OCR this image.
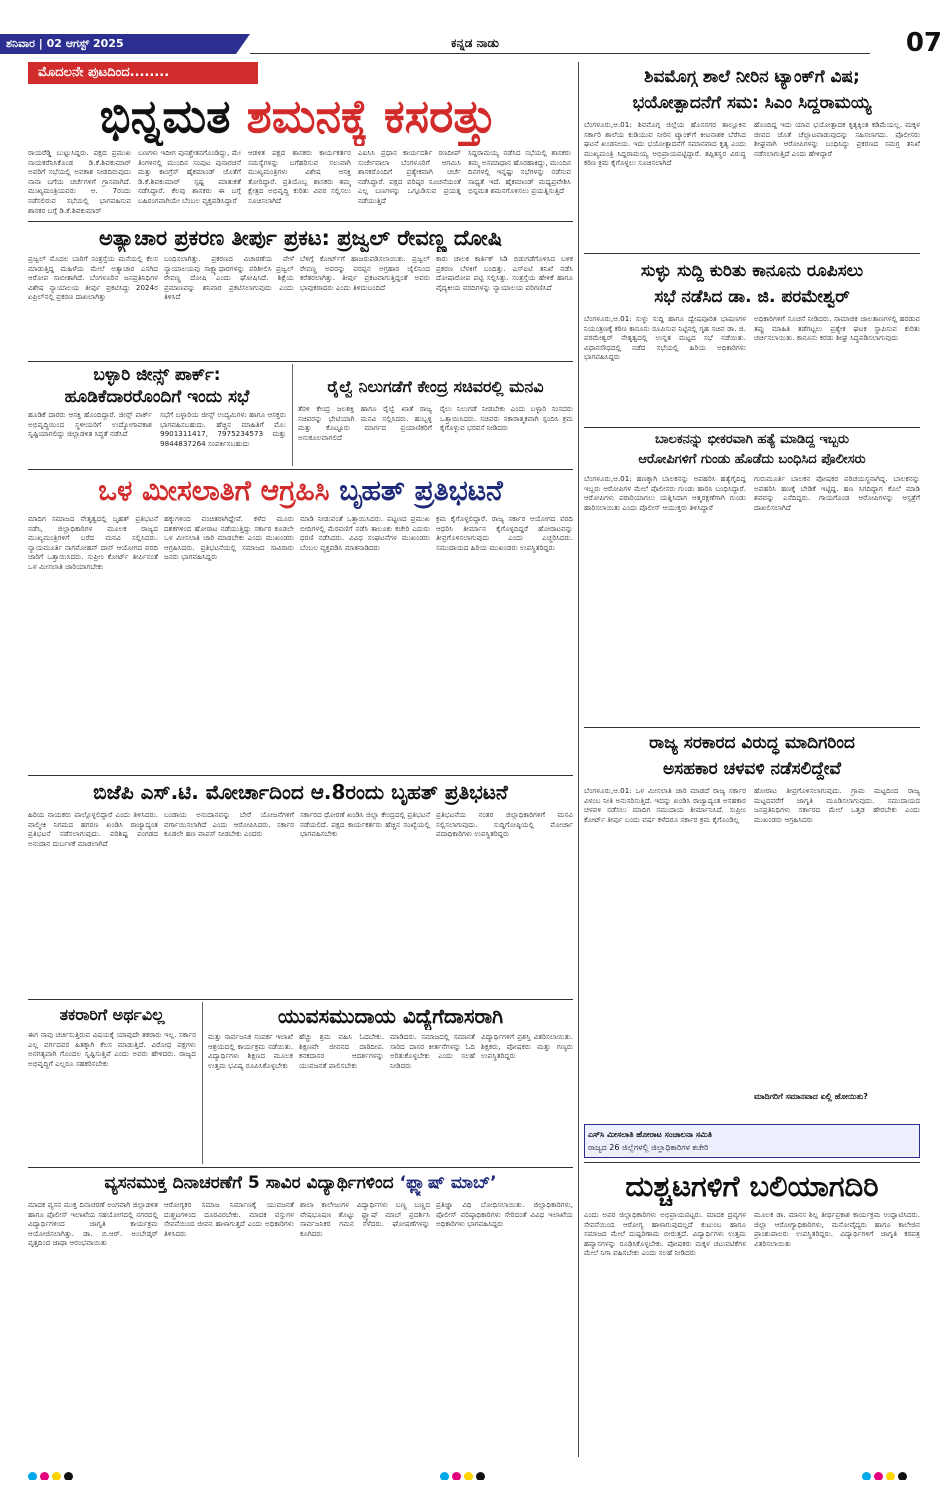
ಶನಿವಾರ | 02 ಆಗಸ್ಟ್ 2025	ಕನ್ನಡ ನಾಡು	07
ಮೊದಲನೇ ಪುಟದಿಂದ........
ಭಿನ್ನಮತ ಶಮನಕ್ಕೆ ಕಸರತ್ತು
ರಾಯರೆಡ್ಡಿ ಬುಟ್ಟುಸಿದ್ದರು. ಪಕ್ಷದ ಪ್ರಮುಖ ನಾಯಕರೆನಿಸಿಕೊಂಡ ಡಿ.ಕೆ.ಶಿವಕುಮಾರ್ ಅವರಿಗೆ ಸಭೆಯಲ್ಲಿ ಅವಕಾಶ ನೀಡದಿರುವುದು ನಾನಾ ಬಗೆಯ ಚರ್ಚೆಗಳಿಗೆ ಗ್ರಾಸವಾಗಿದೆ. ಮುಖ್ಯಮಂತ್ರಿಯವರು ಆ. 7ರಂದು ನಡೆಸಲಿರುವ ಸಭೆಯಲ್ಲಿ ಭಾಗವಹಿಸುವ ಶಾಸಕರ ಬಗ್ಗೆ ಡಿ.ಕೆ.ಶಿವಕುಮಾರ್
ಬಣಗಳು ಇದೀಗ ಪುನಶ್ಚೇತನಗೊಂಡಿದ್ದು, ಮೇ ತಿಂಗಳಿನಲ್ಲಿ ಮುಂದಿನ ಸಂಪುಟ ಪುನಾರಚನೆ ಮತ್ತು ಕಾಂಗ್ರೆಸ್ ಹೈಕಮಾಂಡ್ ಜೊತೆಗೆ ಡಿ.ಕೆ.ಶಿವಕುಮಾರ್ ಸ್ಪಷ್ಟ ಮಾತುಕತೆ ನಡೆಸಿದ್ದಾರೆ. ಕೆಲವು ಶಾಸಕರು ಈ ಬಗ್ಗೆ ಬಹಿರಂಗವಾಗಿಯೇ ಬೆಂಬಲ ವ್ಯಕ್ತಪಡಿಸಿದ್ದಾರೆ
ಆಡಳಿತ ಪಕ್ಷದ ಶಾಸಕರು ಕಾರ್ಯಕರ್ತರ ಸಮಸ್ಯೆಗಳನ್ನು ಬಗೆಹರಿಸುವ ಸಲುವಾಗಿ ಮುಖ್ಯಮಂತ್ರಿಗಳು ವಿಶೇಷ ಆಸಕ್ತಿ ತೋರಿದ್ದಾರೆ. ಪ್ರತಿಯೊಬ್ಬ ಶಾಸಕರು ತಮ್ಮ ಕ್ಷೇತ್ರದ ಅಭಿವೃದ್ಧಿ ಕುರಿತು ವಿವರ ಸಲ್ಲಿಸಲು ಸೂಚಿಸಲಾಗಿದೆ
ಎಐಸಿಸಿ ಪ್ರಧಾನ ಕಾರ್ಯದರ್ಶಿ ರಣದೀಪ್ ಸುರ್ಜೇವಾಲಾ ಬೆಂಗಳೂರಿಗೆ ಆಗಮಿಸಿ ಶಾಸಕರೊಂದಿಗೆ ಪ್ರತ್ಯೇಕವಾಗಿ ಚರ್ಚೆ ನಡೆಸಿದ್ದಾರೆ. ಪಕ್ಷದ ವರಿಷ್ಠರ ಸೂಚನೆಯಂತೆ ಎಲ್ಲ ಬಣಗಳನ್ನು ಒಗ್ಗೂಡಿಸುವ ಪ್ರಯತ್ನ ನಡೆಯುತ್ತಿದೆ
ಸಿದ್ದರಾಮಯ್ಯ ನಡೆಸಿದ ಸಭೆಯಲ್ಲಿ ಶಾಸಕರು ತಮ್ಮ ಅಸಮಾಧಾನ ಹೊರಹಾಕಿದ್ದು, ಮುಂದಿನ ದಿನಗಳಲ್ಲಿ ಇನ್ನಷ್ಟು ಸಭೆಗಳನ್ನು ನಡೆಸುವ ಸಾಧ್ಯತೆ ಇದೆ. ಹೈಕಮಾಂಡ್ ಮಧ್ಯಪ್ರವೇಶಿಸಿ ಭಿನ್ನಮತ ಶಮನಗೊಳಿಸಲು ಪ್ರಯತ್ನಿಸುತ್ತಿದೆ
ಅತ್ಯಾಚಾರ ಪ್ರಕರಣ ತೀರ್ಪು ಪ್ರಕಟ: ಪ್ರಜ್ವಲ್ ರೇವಣ್ಣ ದೋಷಿ
ಪ್ರಜ್ವಲ್ ಮೊದಲ ಬಾರಿಗೆ ಸಂತ್ರಸ್ತೆಯ ಮನೆಯಲ್ಲಿ ಕೆಲಸ ಮಾಡುತ್ತಿದ್ದ ಮಹಿಳೆಯ ಮೇಲೆ ಅತ್ಯಾಚಾರ ಎಸಗಿದ ಆರೋಪ ಸಾಬೀತಾಗಿದೆ. ಬೆಂಗಳೂರಿನ ಜನಪ್ರತಿನಿಧಿಗಳ ವಿಶೇಷ ನ್ಯಾಯಾಲಯ ತೀರ್ಪು ಪ್ರಕಟಿಸಿದ್ದು 2024ರ ಏಪ್ರಿಲ್‌ನಲ್ಲಿ ಪ್ರಕರಣ ದಾಖಲಾಗಿತ್ತು
ಬಂಧಿಸಲಾಗಿತ್ತು. ಪ್ರಕರಣದ ವಿಚಾರಣೆಯ ವೇಳೆ ನ್ಯಾಯಾಲಯವು ಸಾಕ್ಷ್ಯಾಧಾರಗಳನ್ನು ಪರಿಶೀಲಿಸಿ ಪ್ರಜ್ವಲ್ ರೇವಣ್ಣ ದೋಷಿ ಎಂದು ಘೋಷಿಸಿದೆ. ಶಿಕ್ಷೆಯ ಪ್ರಮಾಣವನ್ನು ಶನಿವಾರ ಪ್ರಕಟಿಸಲಾಗುವುದು ಎಂದು ತಿಳಿಸಿದೆ
ಬೆಳಿಗ್ಗೆ ಕೋರ್ಟ್‌ಗೆ ಹಾಜರುಪಡಿಸಲಾಯಿತು. ಪ್ರಜ್ವಲ್ ರೇವಣ್ಣ ಅವರನ್ನು ಪರಪ್ಪನ ಅಗ್ರಹಾರ ಜೈಲಿನಿಂದ ಕರೆತರಲಾಗಿತ್ತು. ತೀರ್ಪು ಪ್ರಕಟವಾಗುತ್ತಿದ್ದಂತೆ ಅವರು ಭಾವುಕರಾದರು ಎಂದು ತಿಳಿದುಬಂದಿದೆ
ಕಾರು ಚಾಲಕ ಕಾರ್ತಿಕ್ ಸಿಡಿ ಬಿಡುಗಡೆಗೊಳಿಸಿದ ಬಳಿಕ ಪ್ರಕರಣ ಬೆಳಕಿಗೆ ಬಂದಿತ್ತು. ಎಸ್‌ಐಟಿ ತನಿಖೆ ನಡೆಸಿ ದೋಷಾರೋಪ ಪಟ್ಟಿ ಸಲ್ಲಿಸಿತ್ತು. ಸಂತ್ರಸ್ತೆಯ ಹೇಳಿಕೆ ಹಾಗೂ ವೈದ್ಯಕೀಯ ವರದಿಗಳನ್ನು ನ್ಯಾಯಾಲಯ ಪರಿಗಣಿಸಿದೆ
ಬಳ್ಳಾರಿ ಜೀನ್ಸ್ ಪಾರ್ಕ್:
ಹೂಡಿಕೆದಾರರೊಂದಿಗೆ ಇಂದು ಸಭೆ
ಹೂಡಿಕೆ ದಾರರು ಆಸಕ್ತಿ ಹೊಂದಿದ್ದಾರೆ. ಜೀನ್ಸ್ ಪಾರ್ಕ್ ಅಭಿವೃದ್ಧಿಯಿಂದ ಸ್ಥಳೀಯರಿಗೆ ಉದ್ಯೋಗಾವಕಾಶ ಸೃಷ್ಟಿಯಾಗಲಿದ್ದು ಜಿಲ್ಲಾಡಳಿತ ಸಿದ್ಧತೆ ನಡೆಸಿದೆ
ಸಭೆಗೆ ಬಳ್ಳಾರಿಯ ಜೀನ್ಸ್ ಉದ್ಯಮಿಗಳು ಹಾಗೂ ಆಸಕ್ತರು ಭಾಗವಹಿಸಬಹುದು. ಹೆಚ್ಚಿನ ಮಾಹಿತಿಗೆ ಮೊ: 9901311417, 7975234573 ಮತ್ತು 9844837264 ಸಂಪರ್ಕಿಸಬಹುದು
ರೈಲ್ವೆ ನಿಲುಗಡೆಗೆ ಕೇಂದ್ರ ಸಚಿವರಲ್ಲಿ ಮನವಿ
ತೆರಳಿ ಕೇಂದ್ರ ಜಲಶಕ್ತಿ ಹಾಗೂ ರೈಲ್ವೆ ಖಾತೆ ರಾಜ್ಯ ಸಚಿವರನ್ನು ಭೇಟಿಯಾಗಿ ಮನವಿ ಸಲ್ಲಿಸಿದರು. ಹುಬ್ಬಳ್ಳಿ ಮತ್ತು ಕೊಟ್ಟೂರು ಮಾರ್ಗದ ಪ್ರಯಾಣಿಕರಿಗೆ ಅನುಕೂಲವಾಗಲಿದೆ
ರೈಲು ನಿಲುಗಡೆ ನೀಡಬೇಕು ಎಂದು ಬಳ್ಳಾರಿ ಸಂಸದರು ಒತ್ತಾಯಿಸಿದರು. ಸಚಿವರು ಸಕಾರಾತ್ಮಕವಾಗಿ ಸ್ಪಂದಿಸಿ ಕ್ರಮ ಕೈಗೊಳ್ಳುವ ಭರವಸೆ ನೀಡಿದರು
ಒಳ ಮೀಸಲಾತಿಗೆ ಆಗ್ರಹಿಸಿ ಬೃಹತ್ ಪ್ರತಿಭಟನೆ
ಮಾದಿಗ ಸಮಾಜದ ನೇತೃತ್ವದಲ್ಲಿ ಬೃಹತ್ ಪ್ರತಿಭಟನೆ ನಡೆಸಿ, ಜಿಲ್ಲಾಧಿಕಾರಿಗಳ ಮೂಲಕ ರಾಜ್ಯದ ಮುಖ್ಯಮಂತ್ರಿಗಳಿಗೆ ಬರೆದ ಮನವಿ ಸಲ್ಲಿಸಿದರು. ನ್ಯಾಯಮೂರ್ತಿ ನಾಗಮೋಹನ್ ದಾಸ್ ಆಯೋಗದ ವರದಿ ಜಾರಿಗೆ ಒತ್ತಾಯಿಸಿದರು. ಸುಪ್ರೀಂ ಕೋರ್ಟ್ ತೀರ್ಪಿನಂತೆ ಒಳ ಮೀಸಲಾತಿ ಜಾರಿಯಾಗಬೇಕು
ಹಕ್ಕುಗಳಿಂದ ವಂಚಿತರಾಗಿದ್ದೇವೆ. ಕಳೆದ ಮೂರು ದಶಕಗಳಿಂದ ಹೋರಾಟ ನಡೆಯುತ್ತಿದ್ದು ಸರ್ಕಾರ ಕೂಡಲೇ ಒಳ ಮೀಸಲಾತಿ ಜಾರಿ ಮಾಡಬೇಕು ಎಂದು ಮುಖಂಡರು ಆಗ್ರಹಿಸಿದರು. ಪ್ರತಿಭಟನೆಯಲ್ಲಿ ಸಮಾಜದ ಸಾವಿರಾರು ಜನರು ಭಾಗವಹಿಸಿದ್ದರು
ಮಾಡಿ ನೀಡುವಂತೆ ಒತ್ತಾಯಿಸಿದರು. ಪಟ್ಟಣದ ಪ್ರಮುಖ ಬೀದಿಗಳಲ್ಲಿ ಮೆರವಣಿಗೆ ನಡೆಸಿ ತಾಲೂಕು ಕಚೇರಿ ಎದುರು ಧರಣಿ ನಡೆಸಿದರು. ವಿವಿಧ ಸಂಘಟನೆಗಳ ಮುಖಂಡರು ಬೆಂಬಲ ವ್ಯಕ್ತಪಡಿಸಿ ಮಾತನಾಡಿದರು
ಕ್ರಮ ಕೈಗೊಳ್ಳಲಿದ್ದಾರೆ. ರಾಜ್ಯ ಸರ್ಕಾರ ಆಯೋಗದ ವರದಿ ಆಧರಿಸಿ ತೀರ್ಮಾನ ಕೈಗೊಳ್ಳದಿದ್ದರೆ ಹೋರಾಟವನ್ನು ತೀವ್ರಗೊಳಿಸಲಾಗುವುದು ಎಂದು ಎಚ್ಚರಿಸಿದರು. ಸಮುದಾಯದ ಹಿರಿಯ ಮುಖಂಡರು ಉಪಸ್ಥಿತರಿದ್ದರು
ಬಿಜೆಪಿ ಎಸ್.ಟಿ. ಮೋರ್ಚಾದಿಂದ ಆ.8ರಂದು ಬೃಹತ್ ಪ್ರತಿಭಟನೆ
ಹಿರಿಯ ನಾಯಕರು ಪಾಲ್ಗೊಳ್ಳಲಿದ್ದಾರೆ ಎಂದು ತಿಳಿಸಿದರು. ವಾಲ್ಮೀಕಿ ನಿಗಮದ ಹಗರಣ ಖಂಡಿಸಿ ರಾಜ್ಯಾದ್ಯಂತ ಪ್ರತಿಭಟನೆ ನಡೆಸಲಾಗುವುದು. ಪರಿಶಿಷ್ಟ ಪಂಗಡದ ಅನುದಾನ ದುರ್ಬಳಕೆ ಮಾಡಲಾಗಿದೆ
ಬಂಡಾಯ ಅನುದಾನವನ್ನು ಬೇರೆ ಯೋಜನೆಗಳಿಗೆ ವರ್ಗಾಯಿಸಲಾಗಿದೆ ಎಂದು ಆರೋಪಿಸಿದರು. ಸರ್ಕಾರ ಕೂಡಲೇ ಹಣ ವಾಪಸ್ ನೀಡಬೇಕು ಎಂದರು
ಸರ್ಕಾರದ ಧೋರಣೆ ಖಂಡಿಸಿ ಜಿಲ್ಲಾ ಕೇಂದ್ರದಲ್ಲಿ ಪ್ರತಿಭಟನೆ ನಡೆಯಲಿದೆ. ಪಕ್ಷದ ಕಾರ್ಯಕರ್ತರು ಹೆಚ್ಚಿನ ಸಂಖ್ಯೆಯಲ್ಲಿ ಭಾಗವಹಿಸಬೇಕು
ಪ್ರತಿಭಟನೆಯ ನಂತರ ಜಿಲ್ಲಾಧಿಕಾರಿಗಳಿಗೆ ಮನವಿ ಸಲ್ಲಿಸಲಾಗುವುದು. ಸುದ್ದಿಗೋಷ್ಠಿಯಲ್ಲಿ ಮೋರ್ಚಾ ಪದಾಧಿಕಾರಿಗಳು ಉಪಸ್ಥಿತರಿದ್ದರು
ತಕರಾರಿಗೆ ಅರ್ಥವಿಲ್ಲ
ಈಗ ನಾವು ಚರ್ಚಿಸುತ್ತಿರುವ ವಿಷಯಕ್ಕೆ ಯಾವುದೇ ತಕರಾರು ಇಲ್ಲ. ಸರ್ಕಾರ ಎಲ್ಲ ವರ್ಗದವರ ಹಿತಕ್ಕಾಗಿ ಕೆಲಸ ಮಾಡುತ್ತಿದೆ. ವಿರೋಧ ಪಕ್ಷಗಳು ಅನಗತ್ಯವಾಗಿ ಗೊಂದಲ ಸೃಷ್ಟಿಸುತ್ತಿವೆ ಎಂದು ಅವರು ಹೇಳಿದರು. ರಾಜ್ಯದ ಅಭಿವೃದ್ಧಿಗೆ ಎಲ್ಲರೂ ಸಹಕರಿಸಬೇಕು
ಯುವಸಮುದಾಯ ವಿದ್ಯೆಗೆದಾಸರಾಗಿ
ಮತ್ತು ಸಾರ್ವಜನಿಕ ಸಂಪರ್ಕ ಇಲಾಖೆ ಆಶ್ರಯದಲ್ಲಿ ಕಾರ್ಯಕ್ರಮ ನಡೆಯಿತು. ವಿದ್ಯಾರ್ಥಿಗಳು ಶಿಕ್ಷಣದ ಮೂಲಕ ಉತ್ತಮ ಭವಿಷ್ಯ ರೂಪಿಸಿಕೊಳ್ಳಬೇಕು
ಹೆಚ್ಚು ಶ್ರಮ ವಹಿಸಿ ಓದಬೇಕು. ಶಿಕ್ಷಣವೇ ಜೀವನದ ದಾರಿದೀಪ. ಕನಕದಾಸರ ಆದರ್ಶಗಳನ್ನು ಯುವಜನತೆ ಪಾಲಿಸಬೇಕು
ಮಾಡಿದರು. ಸಮಾಜದಲ್ಲಿ ಸಮಾನತೆ ಸಾರಿದ ದಾಸರ ಕೀರ್ತನೆಗಳನ್ನು ಓದಿ ಅರಿತುಕೊಳ್ಳಬೇಕು ಎಂದು ಸಲಹೆ ನೀಡಿದರು
ವಿದ್ಯಾರ್ಥಿಗಳಿಗೆ ಪ್ರಶಸ್ತಿ ವಿತರಿಸಲಾಯಿತು. ಶಿಕ್ಷಕರು, ಪೋಷಕರು ಮತ್ತು ಗಣ್ಯರು ಉಪಸ್ಥಿತರಿದ್ದರು
ವ್ಯಸನಮುಕ್ತ ದಿನಾಚರಣೆಗೆ 5 ಸಾವಿರ ವಿದ್ಯಾರ್ಥಿಗಳಿಂದ ‘ಫ್ಲ್ಯಾಷ್ ಮಾಬ್’
ಮಾದಕ ವ್ಯಸನ ಮುಕ್ತ ದಿನಾಚರಣೆ ಅಂಗವಾಗಿ ಜಿಲ್ಲಾಡಳಿತ ಹಾಗೂ ಪೊಲೀಸ್ ಇಲಾಖೆಯ ಸಹಯೋಗದಲ್ಲಿ ನಗರದಲ್ಲಿ ವಿದ್ಯಾರ್ಥಿಗಳಿಂದ ಜಾಗೃತಿ ಕಾರ್ಯಕ್ರಮ ಆಯೋಜಿಸಲಾಗಿತ್ತು. ಡಾ. ಬಿ.ಆರ್. ಅಂಬೇಡ್ಕರ್ ವೃತ್ತದಿಂದ ಜಾಥಾ ಆರಂಭವಾಯಿತು
ಆರೋಗ್ಯಕರ ಸಮಾಜ ನಿರ್ಮಾಣಕ್ಕೆ ಯುವಜನತೆ ದುಶ್ಚಟಗಳಿಂದ ದೂರವಿರಬೇಕು. ಮಾದಕ ವಸ್ತುಗಳ ಸೇವನೆಯಿಂದ ಜೀವನ ಹಾಳಾಗುತ್ತದೆ ಎಂದು ಅಧಿಕಾರಿಗಳು ತಿಳಿಸಿದರು
ಶಾಲಾ ಕಾಲೇಜುಗಳ ವಿದ್ಯಾರ್ಥಿಗಳು ಬಣ್ಣ ಬಣ್ಣದ ವೇಷಭೂಷಣ ತೊಟ್ಟು ಫ್ಲ್ಯಾಷ್ ಮಾಬ್ ಪ್ರದರ್ಶಿಸಿ ಸಾರ್ವಜನಿಕರ ಗಮನ ಸೆಳೆದರು. ಘೋಷಣೆಗಳನ್ನು ಕೂಗಿದರು
ಪ್ರತಿಜ್ಞಾ ವಿಧಿ ಬೋಧಿಸಲಾಯಿತು. ಜಿಲ್ಲಾಧಿಕಾರಿಗಳು, ಪೊಲೀಸ್ ವರಿಷ್ಠಾಧಿಕಾರಿಗಳು ಸೇರಿದಂತೆ ವಿವಿಧ ಇಲಾಖೆಯ ಅಧಿಕಾರಿಗಳು ಭಾಗವಹಿಸಿದ್ದರು
ಶಿವಮೊಗ್ಗ ಶಾಲೆ ನೀರಿನ ಟ್ಯಾಂಕ್‌ಗೆ ವಿಷ;
ಭಯೋತ್ಪಾದನೆಗೆ ಸಮ: ಸಿಎಂ ಸಿದ್ದರಾಮಯ್ಯ
ಬೆಂಗಳೂರು,ಆ.01: ಶಿವಮೊಗ್ಗ ಜಿಲ್ಲೆಯ ಹೊಸನಗರ ತಾಲ್ಲೂಕಿನ ಸರ್ಕಾರಿ ಶಾಲೆಯ ಕುಡಿಯುವ ನೀರಿನ ಟ್ಯಾಂಕ್‌ಗೆ ಕೀಟನಾಶಕ ಬೆರೆಸಿದ ಘಟನೆ ಖಂಡನೀಯ. ಇದು ಭಯೋತ್ಪಾದನೆಗೆ ಸಮಾನವಾದ ಕೃತ್ಯ ಎಂದು ಮುಖ್ಯಮಂತ್ರಿ ಸಿದ್ದರಾಮಯ್ಯ ಅಭಿಪ್ರಾಯಪಟ್ಟಿದ್ದಾರೆ. ತಪ್ಪಿತಸ್ಥರ ವಿರುದ್ಧ ಕಠಿಣ ಕ್ರಮ ಕೈಗೊಳ್ಳಲು ಸೂಚಿಸಲಾಗಿದೆ
ಹೊಂದಿದ್ದ ಇದು ಯಾವ ಭಯೋತ್ಪಾದಕ ಕೃತ್ಯಕ್ಕಿಂತ ಕಡಿಮೆಯಲ್ಲ. ಮಕ್ಕಳ ಜೀವದ ಜೊತೆ ಚೆಲ್ಲಾಟವಾಡುವುದನ್ನು ಸಹಿಸಲಾಗದು. ಪೊಲೀಸರು ಶೀಘ್ರವಾಗಿ ಆರೋಪಿಗಳನ್ನು ಬಂಧಿಸಿದ್ದು ಪ್ರಕರಣದ ಸಮಗ್ರ ತನಿಖೆ ನಡೆಸಲಾಗುತ್ತಿದೆ ಎಂದು ಹೇಳಿದ್ದಾರೆ
ಸುಳ್ಳು ಸುದ್ದಿ ಕುರಿತು ಕಾನೂನು ರೂಪಿಸಲು
ಸಭೆ ನಡೆಸಿದ ಡಾ. ಜಿ. ಪರಮೇಶ್ವರ್
ಬೆಂಗಳೂರು,ಆ.01: ಸುಳ್ಳು ಸುದ್ದಿ ಹಾಗೂ ದ್ವೇಷಪೂರಿತ ಭಾಷಣಗಳ ನಿಯಂತ್ರಣಕ್ಕೆ ಕಠಿಣ ಕಾನೂನು ರೂಪಿಸುವ ನಿಟ್ಟಿನಲ್ಲಿ ಗೃಹ ಸಚಿವ ಡಾ. ಜಿ. ಪರಮೇಶ್ವರ್ ನೇತೃತ್ವದಲ್ಲಿ ಉನ್ನತ ಮಟ್ಟದ ಸಭೆ ನಡೆಯಿತು. ವಿಧಾನಸೌಧದಲ್ಲಿ ನಡೆದ ಸಭೆಯಲ್ಲಿ ಹಿರಿಯ ಅಧಿಕಾರಿಗಳು ಭಾಗವಹಿಸಿದ್ದರು
ಅಧಿಕಾರಿಗಳಿಗೆ ಸೂಚನೆ ನೀಡಿದರು. ಸಾಮಾಜಿಕ ಜಾಲತಾಣಗಳಲ್ಲಿ ಹರಡುವ ತಪ್ಪು ಮಾಹಿತಿ ತಡೆಗಟ್ಟಲು ಪ್ರತ್ಯೇಕ ಘಟಕ ಸ್ಥಾಪಿಸುವ ಕುರಿತು ಚರ್ಚಿಸಲಾಯಿತು. ಕಾನೂನು ಕರಡು ಶೀಘ್ರ ಸಿದ್ಧಪಡಿಸಲಾಗುವುದು
ಬಾಲಕನನ್ನು ಭೀಕರವಾಗಿ ಹತ್ಯೆ ಮಾಡಿದ್ದ ಇಬ್ಬರು
ಆರೋಪಿಗಳಿಗೆ ಗುಂಡು ಹೊಡೆದು ಬಂಧಿಸಿದ ಪೊಲೀಸರು
ಬೆಂಗಳೂರು,ಆ.01: ಹಣಕ್ಕಾಗಿ ಬಾಲಕನನ್ನು ಅಪಹರಿಸಿ ಹತ್ಯೆಗೈದಿದ್ದ ಇಬ್ಬರು ಆರೋಪಿಗಳ ಮೇಲೆ ಪೊಲೀಸರು ಗುಂಡು ಹಾರಿಸಿ ಬಂಧಿಸಿದ್ದಾರೆ. ಆರೋಪಿಗಳು ಪರಾರಿಯಾಗಲು ಯತ್ನಿಸಿದಾಗ ಆತ್ಮರಕ್ಷಣೆಗಾಗಿ ಗುಂಡು ಹಾರಿಸಲಾಯಿತು ಎಂದು ಪೊಲೀಸ್ ಆಯುಕ್ತರು ತಿಳಿಸಿದ್ದಾರೆ
ಗುರುಮೂರ್ತಿ ಬಾಲಕನ ಪೋಷಕರ ಪರಿಚಯಸ್ಥನಾಗಿದ್ದ. ಬಾಲಕನನ್ನು ಅಪಹರಿಸಿ ಹಣಕ್ಕೆ ಬೇಡಿಕೆ ಇಟ್ಟಿದ್ದ. ಹಣ ಸಿಗದಿದ್ದಾಗ ಕೊಲೆ ಮಾಡಿ ಶವವನ್ನು ಎಸೆದಿದ್ದರು. ಗಾಯಗೊಂಡ ಆರೋಪಿಗಳನ್ನು ಆಸ್ಪತ್ರೆಗೆ ದಾಖಲಿಸಲಾಗಿದೆ
ರಾಜ್ಯ ಸರಕಾರದ ವಿರುದ್ಧ ಮಾದಿಗರಿಂದ
ಅಸಹಕಾರ ಚಳವಳಿ ನಡೆಸಲಿದ್ದೇವೆ
ಬೆಂಗಳೂರು,ಆ.01: ಒಳ ಮೀಸಲಾತಿ ಜಾರಿ ಮಾಡದೆ ರಾಜ್ಯ ಸರ್ಕಾರ ವಿಳಂಬ ನೀತಿ ಅನುಸರಿಸುತ್ತಿದೆ. ಇದನ್ನು ಖಂಡಿಸಿ ರಾಜ್ಯಾದ್ಯಂತ ಅಸಹಕಾರ ಚಳವಳಿ ನಡೆಸಲು ಮಾದಿಗ ಸಮುದಾಯ ತೀರ್ಮಾನಿಸಿದೆ. ಸುಪ್ರೀಂ ಕೋರ್ಟ್ ತೀರ್ಪು ಬಂದು ವರ್ಷ ಕಳೆದರೂ ಸರ್ಕಾರ ಕ್ರಮ ಕೈಗೊಂಡಿಲ್ಲ
ಹೋರಾಟ ತೀವ್ರಗೊಳಿಸಲಾಗುವುದು. ಗ್ರಾಮ ಮಟ್ಟದಿಂದ ರಾಜ್ಯ ಮಟ್ಟದವರೆಗೆ ಜಾಗೃತಿ ಮೂಡಿಸಲಾಗುವುದು. ಸಮುದಾಯದ ಜನಪ್ರತಿನಿಧಿಗಳು ಸರ್ಕಾರದ ಮೇಲೆ ಒತ್ತಡ ಹೇರಬೇಕು ಎಂದು ಮುಖಂಡರು ಆಗ್ರಹಿಸಿದರು
ಮಾದಿಗರಿಗೆ ಸಮಾನವಾದ ಏಲ್ಲಿ ಹೋಯಿತು?
ಎಸ್‌ಸಿ ಮೀಸಲಾತಿ ಹೋರಾಟ ಸಂಚಾಲನಾ ಸಮಿತಿ
ರಾಜ್ಯದ 26 ಜಿಲ್ಲೆಗಳಲ್ಲಿ ಜಿಲ್ಲಾಧಿಕಾರಿಗಳ ಕಚೇರಿ
ದುಶ್ಚಟಗಳಿಗೆ ಬಲಿಯಾಗದಿರಿ
ಎಂದು ಅಪರ ಜಿಲ್ಲಾಧಿಕಾರಿಗಳು ಅಭಿಪ್ರಾಯಪಟ್ಟರು. ಮಾದಕ ದ್ರವ್ಯಗಳ ಸೇವನೆಯಿಂದ ಆರೋಗ್ಯ ಹಾಳಾಗುವುದಲ್ಲದೆ ಕುಟುಂಬ ಹಾಗೂ ಸಮಾಜದ ಮೇಲೆ ದುಷ್ಪರಿಣಾಮ ಬೀರುತ್ತದೆ. ವಿದ್ಯಾರ್ಥಿಗಳು ಉತ್ತಮ ಹವ್ಯಾಸಗಳನ್ನು ರೂಢಿಸಿಕೊಳ್ಳಬೇಕು. ಪೋಷಕರು ಮಕ್ಕಳ ಚಟುವಟಿಕೆಗಳ ಮೇಲೆ ನಿಗಾ ವಹಿಸಬೇಕು ಎಂದು ಸಲಹೆ ನೀಡಿದರು
ಮೂಲಕ ಡಾ. ಮಾನಸ ಶಿಲ್ಪ ತೀರ್ಥಪ್ರಕಾಶ ಕಾರ್ಯಕ್ರಮ ಉದ್ಘಾಟಿಸಿದರು. ಜಿಲ್ಲಾ ಆರೋಗ್ಯಾಧಿಕಾರಿಗಳು, ಮನೋವೈದ್ಯರು ಹಾಗೂ ಕಾಲೇಜಿನ ಪ್ರಾಂಶುಪಾಲರು ಉಪಸ್ಥಿತರಿದ್ದರು. ವಿದ್ಯಾರ್ಥಿಗಳಿಗೆ ಜಾಗೃತಿ ಕರಪತ್ರ ವಿತರಿಸಲಾಯಿತು
